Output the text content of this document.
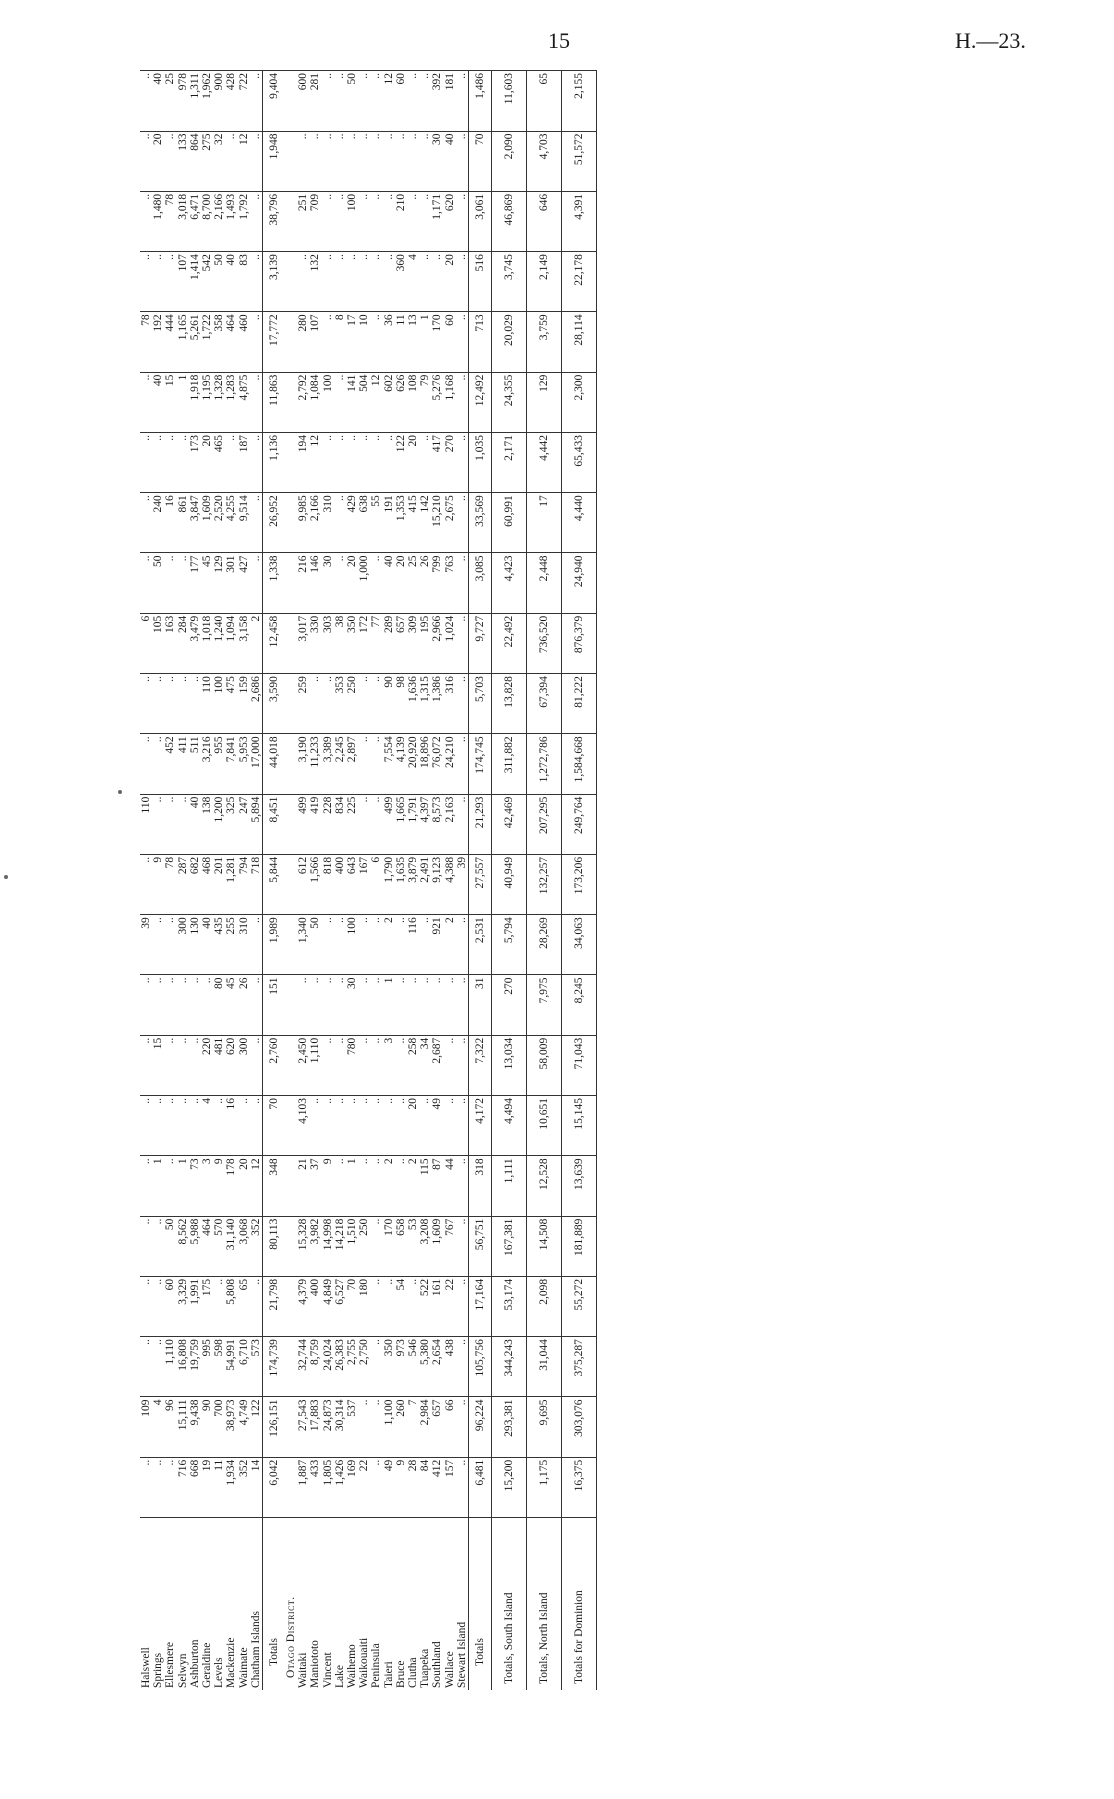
15	H.—23.
Halswell	..	109	..	..	..	..	..	..	..	39	..	110	..	..	6	..	..	..	..	78	..	..	..	..
Springs	..	4	..	..	..	1	..	15	..	..	9	..	..	..	105	50	240	..	40	192	..	1,480	20	40
Ellesmere	..	96	1,110	60	50	..	..	..	..	..	78	..	452	..	163	..	16	..	15	444	..	78	..	25
Selwyn	716	15,111	16,808	3,329	8,562	1	..	..	..	300	287	..	411	..	284	..	861	..	1	1,165	107	3,018	133	978
Ashburton	668	9,438	19,759	1,991	5,988	73	..	..	..	130	682	40	511	..	3,479	177	3,847	173	1,918	5,261	1,414	6,471	864	1,311
Geraldine	19	90	995	175	464	3	4	220	..	40	468	138	3,216	110	1,018	45	1,609	20	1,195	1,722	542	8,700	275	1,962
Levels	11	700	598	..	570	9	..	481	80	435	201	1,200	955	100	1,240	129	2,520	465	1,328	358	50	2,166	32	900
Mackenzie	1,934	38,973	54,991	5,808	31,140	178	16	620	45	255	1,281	325	7,841	475	1,094	301	4,255	..	1,283	464	40	1,493	..	428
Waimate	352	4,749	6,710	65	3,068	20	..	300	26	310	794	247	5,953	159	3,158	427	9,514	187	4,875	460	83	1,792	12	722
Chatham Islands	14	122	573	..	352	12	..	..	..	..	718	5,894	17,000	2,686	2	..	..	..	..	..	..	..	..	..
Totals	6,042	126,151	174,739	21,798	80,113	348	70	2,760	151	1,989	5,844	8,451	44,018	3,590	12,458	1,338	26,952	1,136	11,863	17,772	3,139	38,796	1,948	9,404
Otago District.																								
Waitaki	1,887	27,543	32,744	4,379	15,328	21	4,103	2,450	..	1,340	612	499	3,190	259	3,017	216	9,985	194	2,792	280	..	251	..	600
Maniototo	433	17,883	8,759	400	3,982	37	..	1,110	..	50	1,566	419	11,233	..	330	146	2,166	12	1,084	107	132	709	..	281
Vincent	1,805	24,873	24,024	4,849	14,998	9	..	..	..	..	818	228	3,389	..	303	30	310	..	100	..	..	..	..	..
Lake	1,426	30,314	26,383	6,527	14,218	..	..	..	..	..	400	834	2,245	353	38	..	..	..	..	8	..	..	..	..
Waihemo	169	537	2,755	70	1,510	1	..	780	30	100	643	225	2,897	250	350	20	429	..	141	17	..	100	..	50
Waikouaiti	22	..	2,750	180	250	..	..	..	..	..	167	..	..	..	172	1,000	638	..	504	10	..	..	..	..
Peninsula	..	..	..	..	..	..	..	..	..	..	6	..	..	..	77	..	55	..	12	..	..	..	..	..
Taieri	49	1,100	350	..	170	2	..	3	1	2	1,790	499	7,554	90	289	40	191	..	602	36	..	..	..	12
Bruce	9	260	973	54	658	..	..	..	..	..	1,635	1,665	4,139	98	657	20	1,353	122	626	11	360	210	..	60
Clutha	28	7	546	..	53	2	20	258	..	116	3,879	1,791	20,920	1,636	309	25	415	20	108	13	4	..	..	..
Tuapeka	84	2,984	5,380	522	3,208	115	..	34	..	..	2,491	4,397	18,896	1,315	195	26	142	..	79	1	..	..	..	..
Southland	412	657	2,654	161	1,609	87	49	2,687	..	921	9,123	8,573	76,072	1,386	2,966	799	15,210	417	5,276	170	..	1,171	30	392
Wallace	157	66	438	22	767	44	..	..	..	2	4,388	2,163	24,210	316	1,024	763	2,675	270	1,168	60	20	620	40	181
Stewart Island	..	..	..	..	..	..	..	..	..	..	39	..	..	..	..	..	..	..	..	..	..	..	..	..
Totals	6,481	96,224	105,756	17,164	56,751	318	4,172	7,322	31	2,531	27,557	21,293	174,745	5,703	9,727	3,085	33,569	1,035	12,492	713	516	3,061	70	1,486
Totals, South Island	15,200	293,381	344,243	53,174	167,381	1,111	4,494	13,034	270	5,794	40,949	42,469	311,882	13,828	22,492	4,423	60,991	2,171	24,355	20,029	3,745	46,869	2,090	11,603
Totals, North Island	1,175	9,695	31,044	2,098	14,508	12,528	10,651	58,009	7,975	28,269	132,257	207,295	1,272,786	67,394	736,520	2,448	17	4,442	129	3,759	2,149	646	4,703	65
Totals for Dominion	16,375	303,076	375,287	55,272	181,889	13,639	15,145	71,043	8,245	34,063	173,206	249,764	1,584,668	81,222	876,379	24,940	4,440	65,433	2,300	28,114	22,178	4,391	51,572	2,155
